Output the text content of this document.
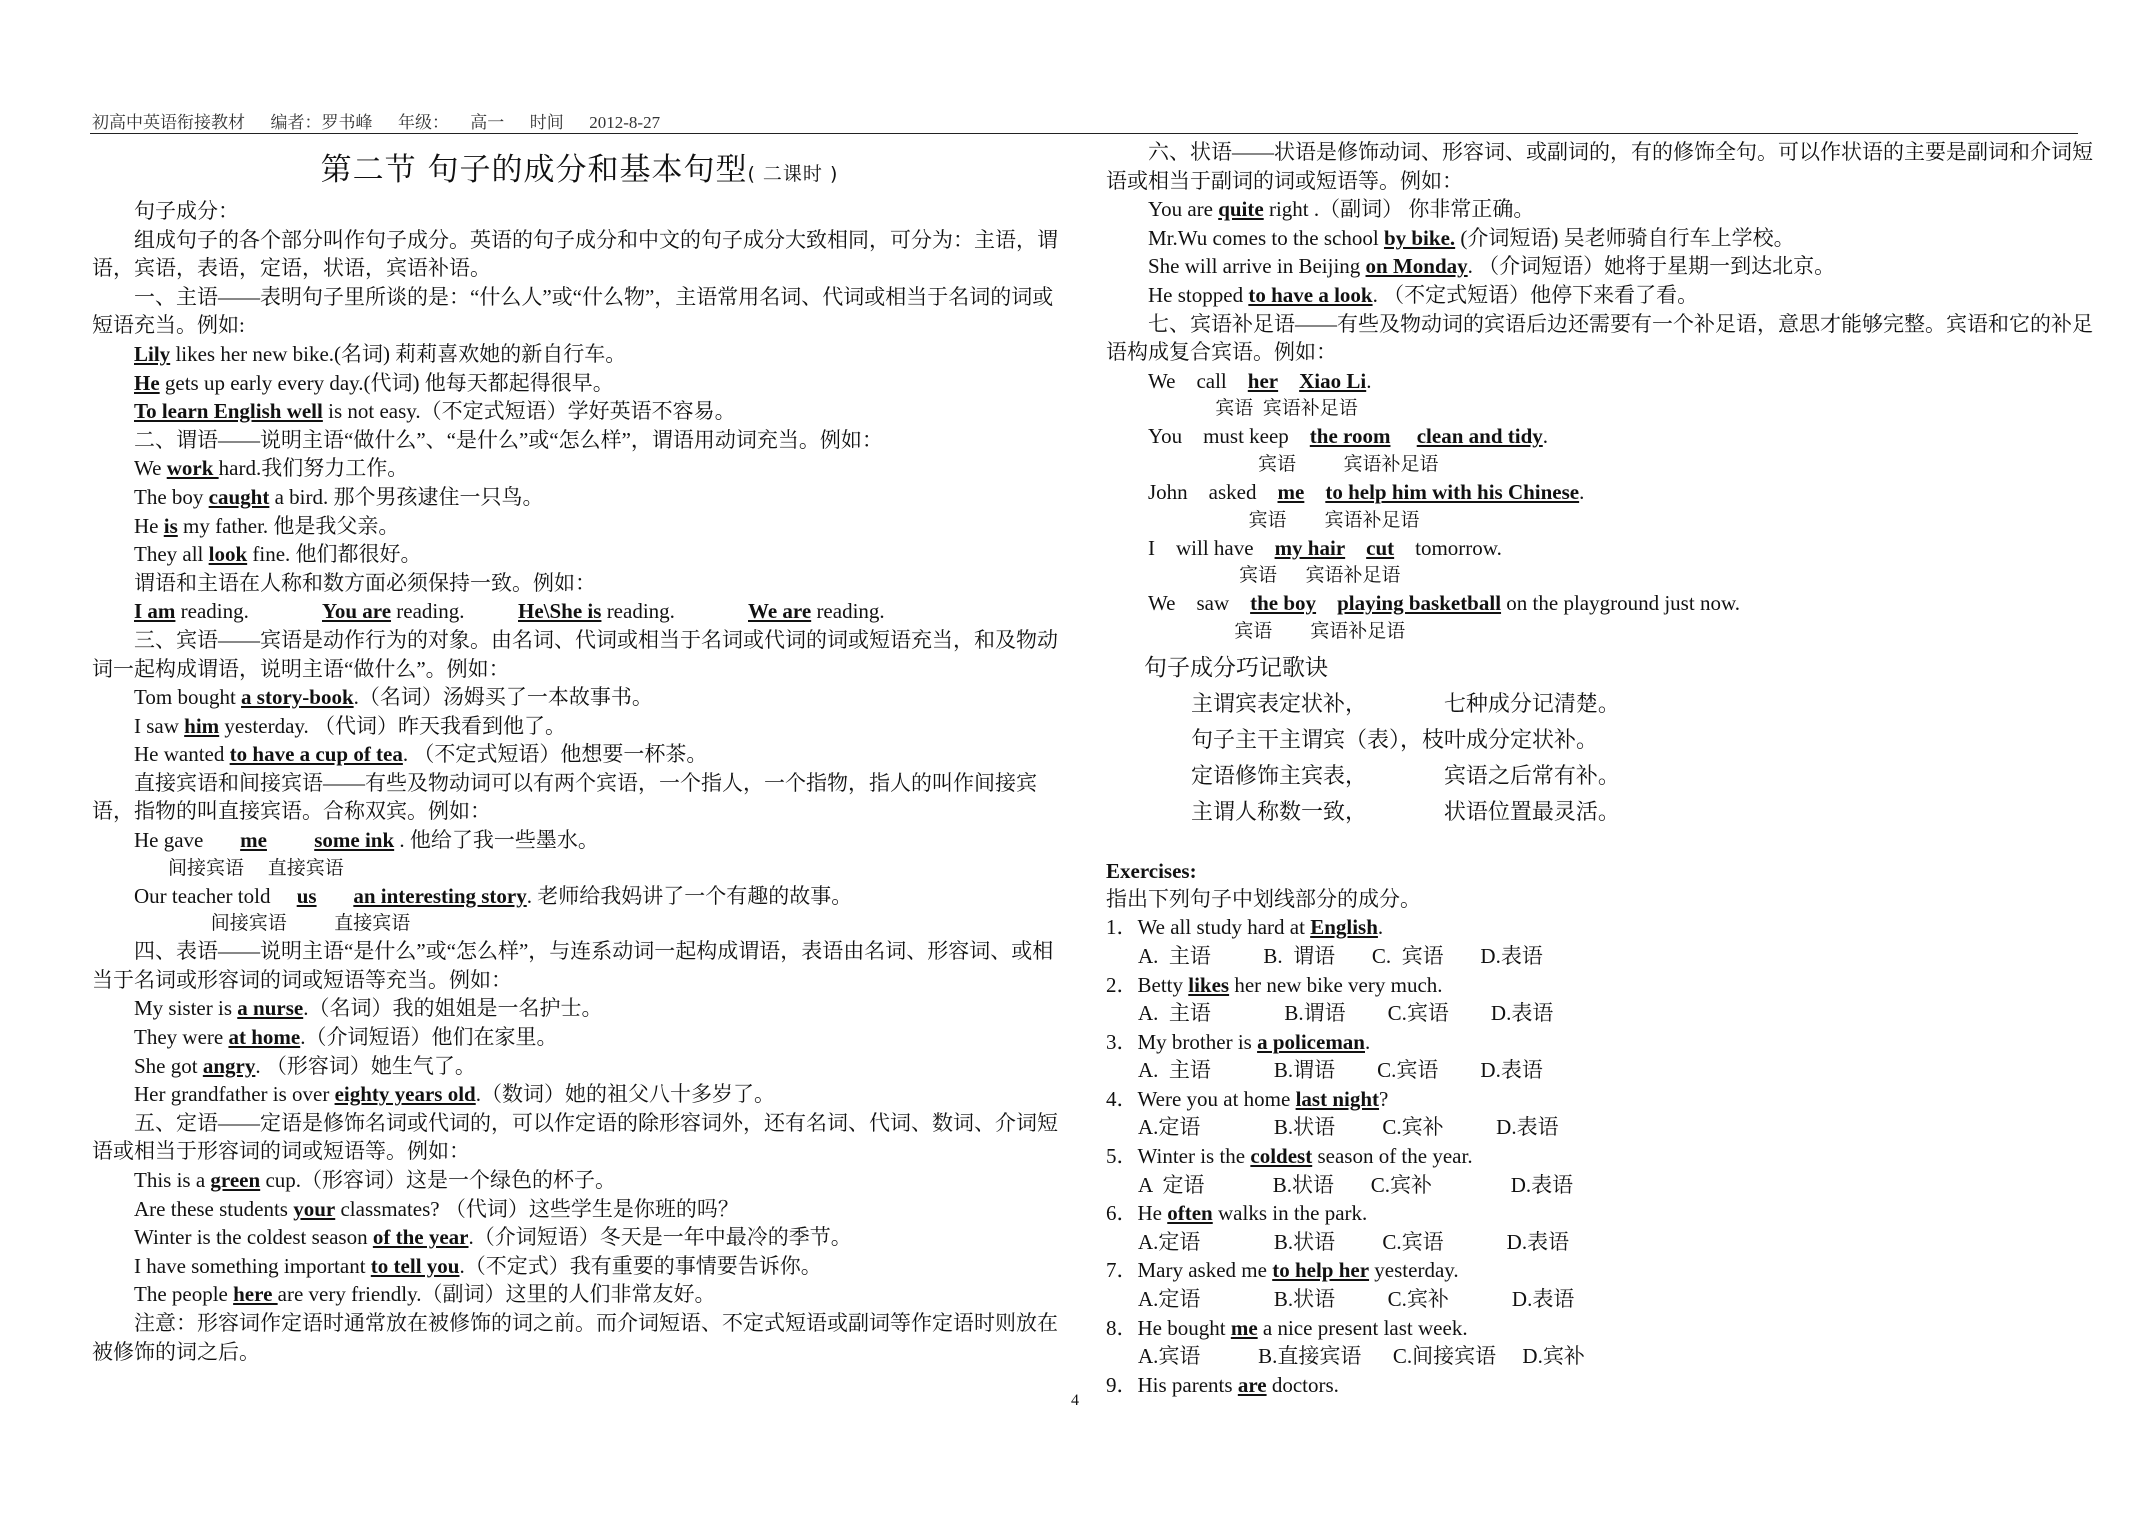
初高中英语衔接教材      编者：罗书峰      年级：     高一      时间      2012-8-27
第二节 句子的成分和基本句型( 二课时 )
句子成分：
组成句子的各个部分叫作句子成分。英语的句子成分和中文的句子成分大致相同，可分为：主语，谓语，宾语，表语，定语，状语，宾语补语。
一、主语——表明句子里所谈的是：“什么人”或“什么物”，主语常用名词、代词或相当于名词的词或短语充当。例如:
Lily likes her new bike.(名词) 莉莉喜欢她的新自行车。
He gets up early every day.(代词) 他每天都起得很早。
To learn English well is not easy.（不定式短语）学好英语不容易。
二、谓语——说明主语“做什么”、“是什么”或“怎么样”，谓语用动词充当。例如：
We work hard.我们努力工作。
The boy caught a bird. 那个男孩逮住一只鸟。
He is my father. 他是我父亲。
They all look fine. 他们都很好。
谓语和主语在人称和数方面必须保持一致。例如：
I am reading.	You are reading.	He\She is reading.	We are reading.
三、宾语——宾语是动作行为的对象。由名词、代词或相当于名词或代词的词或短语充当，和及物动词一起构成谓语，说明主语“做什么”。例如：
Tom bought a story-book.（名词）汤姆买了一本故事书。
I saw him yesterday. （代词）昨天我看到他了。
He wanted to have a cup of tea. （不定式短语）他想要一杯茶。
直接宾语和间接宾语——有些及物动词可以有两个宾语，一个指人，一个指物，指人的叫作间接宾语，指物的叫直接宾语。合称双宾。例如：
He gave       me some ink . 他给了我一些墨水。
间接宾语     直接宾语
Our teacher told     us an interesting story. 老师给我妈讲了一个有趣的故事。
间接宾语          直接宾语
四、表语——说明主语“是什么”或“怎么样”，与连系动词一起构成谓语，表语由名词、形容词、或相当于名词或形容词的词或短语等充当。例如：
My sister is a nurse.（名词）我的姐姐是一名护士。
They were at home.（介词短语）他们在家里。
She got angry. （形容词）她生气了。
Her grandfather is over eighty years old.（数词）她的祖父八十多岁了。
五、定语——定语是修饰名词或代词的，可以作定语的除形容词外，还有名词、代词、数词、介词短语或相当于形容词的词或短语等。例如：
This is a green cup.（形容词）这是一个绿色的杯子。
Are these students your classmates? （代词）这些学生是你班的吗？
Winter is the coldest season of the year.（介词短语）冬天是一年中最冷的季节。
I have something important to tell you.（不定式）我有重要的事情要告诉你。
The people here are very friendly.（副词）这里的人们非常友好。
注意：形容词作定语时通常放在被修饰的词之前。而介词短语、不定式短语或副词等作定语时则放在被修饰的词之后。
六、状语——状语是修饰动词、形容词、或副词的，有的修饰全句。可以作状语的主要是副词和介词短语或相当于副词的词或短语等。例如：
You are quite right .（副词） 你非常正确。
Mr.Wu comes to the school by bike. (介词短语) 吴老师骑自行车上学校。
She will arrive in Beijing on Monday. （介词短语）她将于星期一到达北京。
He stopped to have a look. （不定式短语）他停下来看了看。
七、宾语补足语——有些及物动词的宾语后边还需要有一个补足语，意思才能够完整。宾语和它的补足语构成复合宾语。例如：
We    call    her Xiao Li.
宾语  宾语补足语
You    must keep    the room clean and tidy.
宾语          宾语补足语
John    asked    me to help him with his Chinese.
宾语        宾语补足语
I    will have    my hair cut    tomorrow.
宾语      宾语补足语
We    saw    the boy playing basketball on the playground just now.
宾语        宾语补足语
句子成分巧记歌诀
主谓宾表定状补，           七种成分记清楚。
句子主干主谓宾（表），枝叶成分定状补。
定语修饰主宾表，           宾语之后常有补。
主谓人称数一致，           状语位置最灵活。
Exercises:
指出下列句子中划线部分的成分。
1．We all study hard at English.
A.  主语          B.  谓语       C.  宾语       D.表语
2．Betty likes her new bike very much.
A.  主语              B.谓语        C.宾语        D.表语
3．My brother is a policeman.
A.  主语            B.谓语        C.宾语        D.表语
4．Were you at home last night?
A.定语              B.状语         C.宾补          D.表语
5．Winter is the coldest season of the year.
A  定语             B.状语       C.宾补               D.表语
6．He often walks in the park.
A.定语              B.状语         C.宾语            D.表语
7．Mary asked me to help her yesterday.
A.定语              B.状语          C.宾补            D.表语
8．He bought me a nice present last week.
A.宾语           B.直接宾语      C.间接宾语     D.宾补
9．His parents are doctors.
4
